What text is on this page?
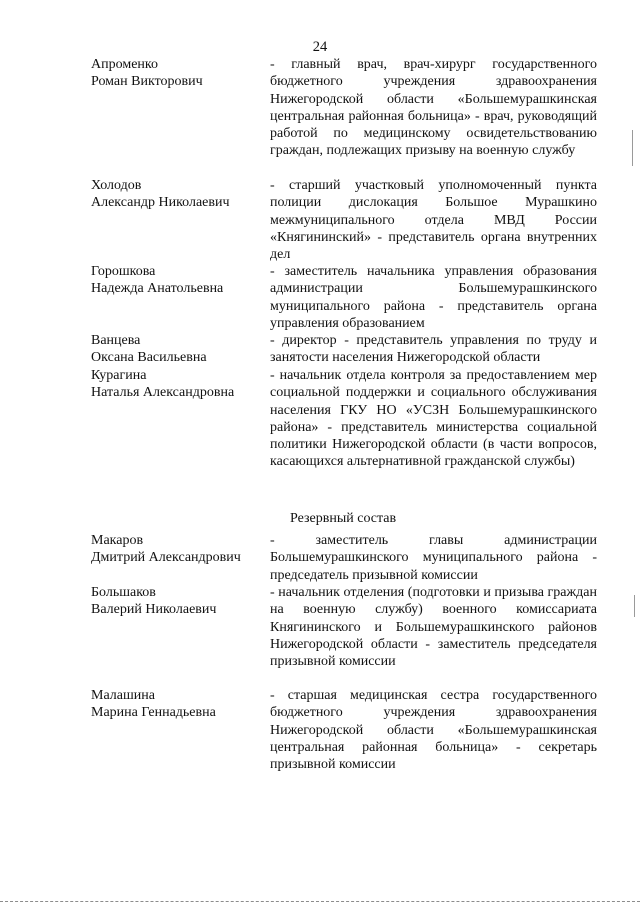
24
Апроменко
Роман Викторович
- главный врач, врач-хирург государственного бюджетного учреждения здравоохранения Нижегородской области «Большемурашкинская центральная районная больница» - врач, руководящий работой по медицинскому освидетельствованию граждан, подлежащих призыву на военную службу
Холодов
Александр Николаевич
- старший участковый уполномоченный пункта полиции дислокация Большое Мурашкино межмуниципального отдела МВД России «Княгининский» - представитель органа внутренних дел
Горошкова
Надежда Анатольевна
- заместитель начальника управления образования администрации Большемурашкинского муниципального района - представитель органа управления образованием
Ванцева
Оксана Васильевна
- директор - представитель управления по труду и занятости населения Нижегородской области
Курагина
Наталья Александровна
- начальник отдела контроля за предоставлением мер социальной поддержки и социального обслуживания населения ГКУ НО «УСЗН Большемурашкинского района» - представитель министерства социальной политики Нижегородской области (в части вопросов, касающихся альтернативной гражданской службы)
Резервный состав
Макаров
Дмитрий Александрович
- заместитель главы администрации Большемурашкинского муниципального района - председатель призывной комиссии
Большаков
Валерий Николаевич
- начальник отделения (подготовки и призыва граждан на военную службу) военного комиссариата Княгининского и Большемурашкинского районов Нижегородской области - заместитель председателя призывной комиссии
Малашина
Марина Геннадьевна
- старшая медицинская сестра государственного бюджетного учреждения здравоохранения Нижегородской области «Большемурашкинская центральная районная больница» - секретарь призывной комиссии
